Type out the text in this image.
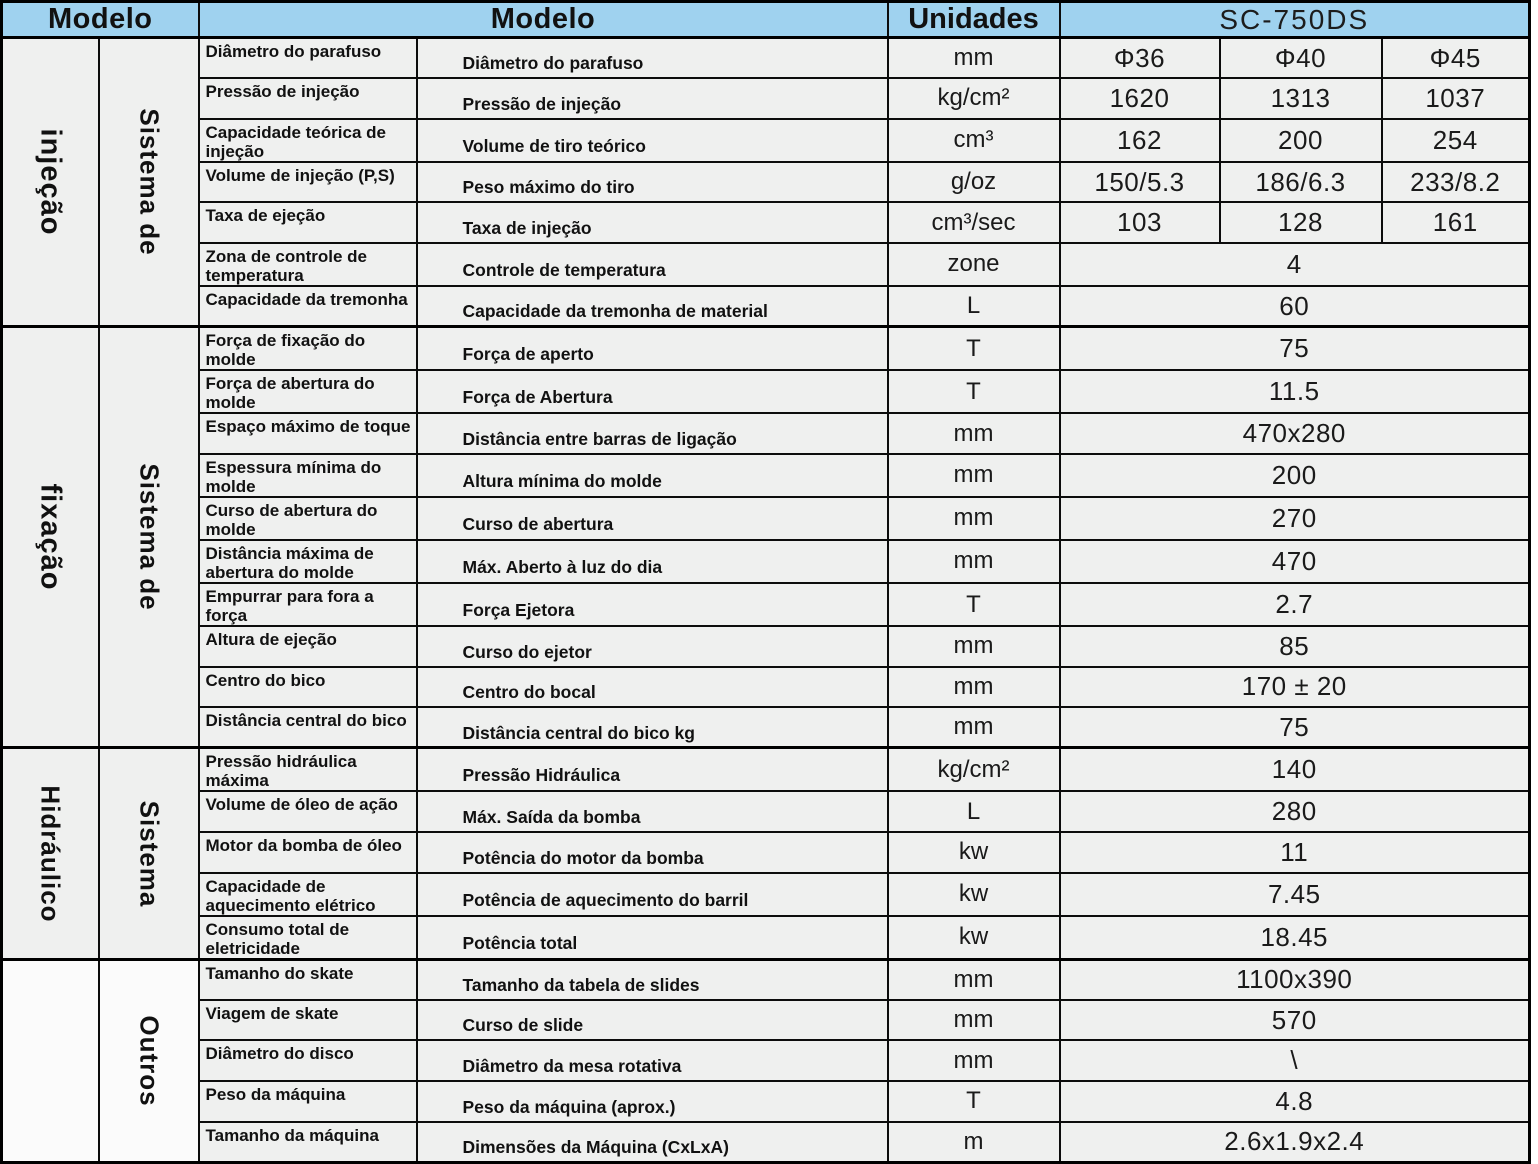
Modelo		Modelo		Unidades	SC-750DS		

injeção	Sistema de	Diâmetro do parafuso	Diâmetro do parafuso	mm	Φ36	Φ40	Φ45
		Pressão de injeção	Pressão de injeção	kg/cm²	1620	1313	1037
		Capacidade teórica de injeção	Volume de tiro teórico	cm³	162	200	254
		Volume de injeção (P,S)	Peso máximo do tiro	g/oz	150/5.3	186/6.3	233/8.2
		Taxa de ejeção	Taxa de injeção	cm³/sec	103	128	161
		Zona de controle de temperatura	Controle de temperatura	zone	4		
		Capacidade da tremonha	Capacidade da tremonha de material	L	60		

fixação	Sistema de	Força de fixação do molde	Força de aperto	T	75		
		Força de abertura do molde	Força de Abertura	T	11.5		
		Espaço máximo de toque	Distância entre barras de ligação	mm	470x280		
		Espessura mínima do molde	Altura mínima do molde	mm	200		
		Curso de abertura do molde	Curso de abertura	mm	270		
		Distância máxima de abertura do molde	Máx. Aberto à luz do dia	mm	470		
		Empurrar para fora a força	Força Ejetora	T	2.7		
		Altura de ejeção	Curso do ejetor	mm	85		
		Centro do bico	Centro do bocal	mm	170 ± 20		
		Distância central do bico	Distância central do bico kg	mm	75		

Hidráulico	Sistema	Pressão hidráulica máxima	Pressão Hidráulica	kg/cm²	140		
		Volume de óleo de ação	Máx. Saída da bomba	L	280		
		Motor da bomba de óleo	Potência do motor da bomba	kw	11		
		Capacidade de aquecimento elétrico	Potência de aquecimento do barril	kw	7.45		
		Consumo total de eletricidade	Potência total	kw	18.45		

	Outros	Tamanho do skate	Tamanho da tabela de slides	mm	1100x390		
		Viagem de skate	Curso de slide	mm	570		
		Diâmetro do disco	Diâmetro da mesa rotativa	mm	\		
		Peso da máquina	Peso da máquina (aprox.)	T	4.8		
		Tamanho da máquina	Dimensões da Máquina (CxLxA)	m	2.6x1.9x2.4		
